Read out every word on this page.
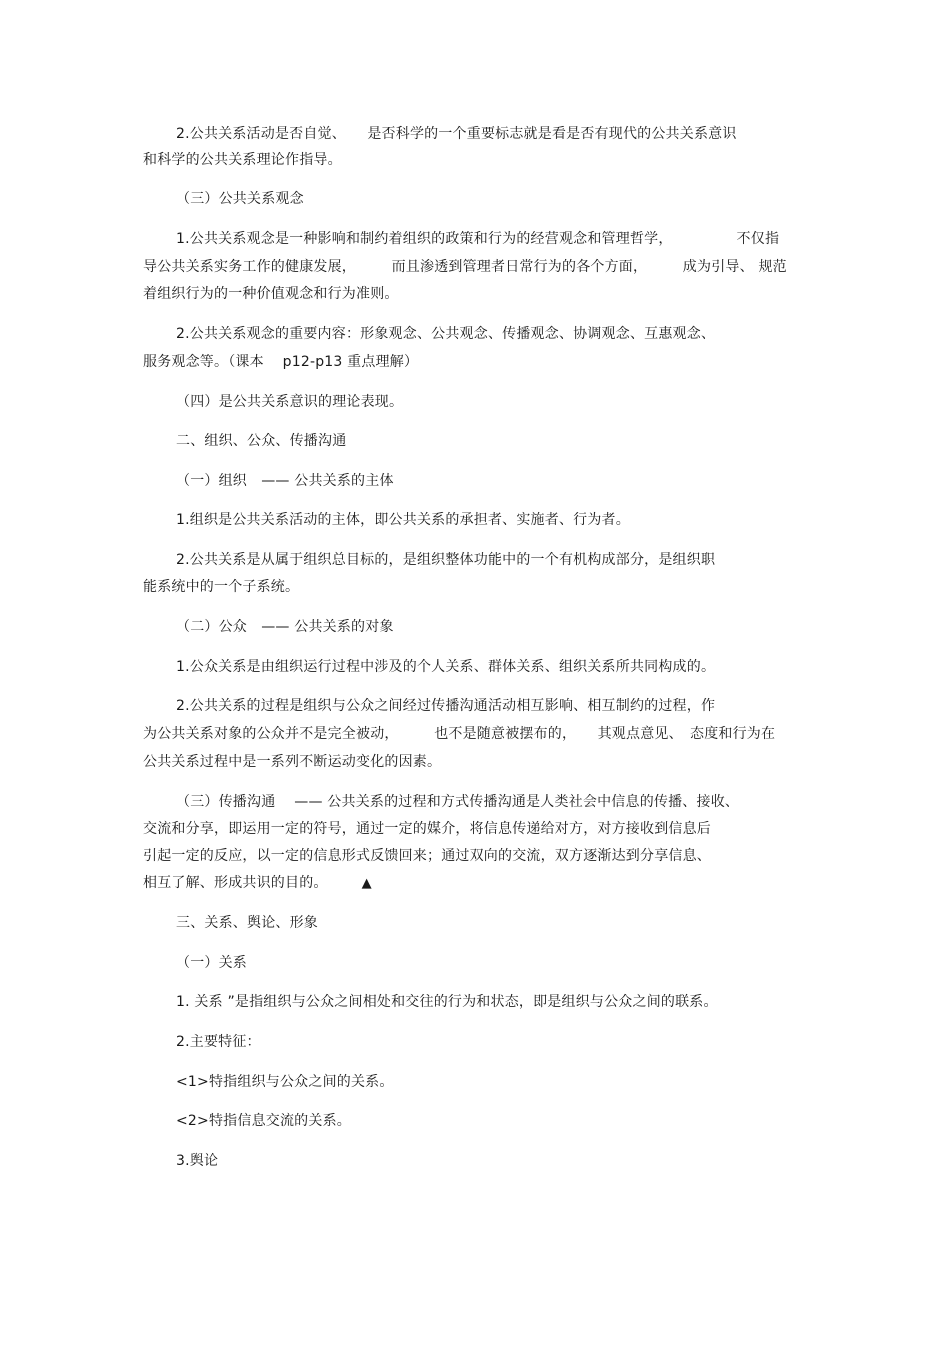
2.公共关系活动是否自觉、　　是否科学的一个重要标志就是看是否有现代的公共关系意识
和科学的公共关系理论作指导。
（三）公共关系观念
1.公共关系观念是一种影响和制约着组织的政策和行为的经营观念和管理哲学，　　　　　不仅指
导公共关系实务工作的健康发展，　　　而且渗透到管理者日常行为的各个方面，　　　成为引导、 规范
着组织行为的一种价值观念和行为准则。
2.公共关系观念的重要内容：形象观念、公共观念、传播观念、协调观念、互惠观念、
服务观念等。（课本　 p12-p13 重点理解）
（四）是公共关系意识的理论表现。
二、组织、公众、传播沟通
（一）组织　—— 公共关系的主体
1.组织是公共关系活动的主体，即公共关系的承担者、实施者、行为者。
2.公共关系是从属于组织总目标的，是组织整体功能中的一个有机构成部分，是组织职
能系统中的一个子系统。
（二）公众　—— 公共关系的对象
1.公众关系是由组织运行过程中涉及的个人关系、群体关系、组织关系所共同构成的。
2.公共关系的过程是组织与公众之间经过传播沟通活动相互影响、相互制约的过程，作
为公共关系对象的公众并不是完全被动，　　　也不是随意被摆布的，　　其观点意见、　态度和行为在
公共关系过程中是一系列不断运动变化的因素。
（三）传播沟通　 —— 公共关系的过程和方式传播沟通是人类社会中信息的传播、接收、
交流和分享，即运用一定的符号，通过一定的媒介，将信息传递给对方，对方接收到信息后
引起一定的反应，以一定的信息形式反馈回来；通过双向的交流，双方逐渐达到分享信息、
相互了解、形成共识的目的。	▲
三、关系、舆论、形象
（一）关系
1. 关系 ”是指组织与公众之间相处和交往的行为和状态，即是组织与公众之间的联系。
2.主要特征：
<1>特指组织与公众之间的关系。
<2>特指信息交流的关系。
3.舆论
